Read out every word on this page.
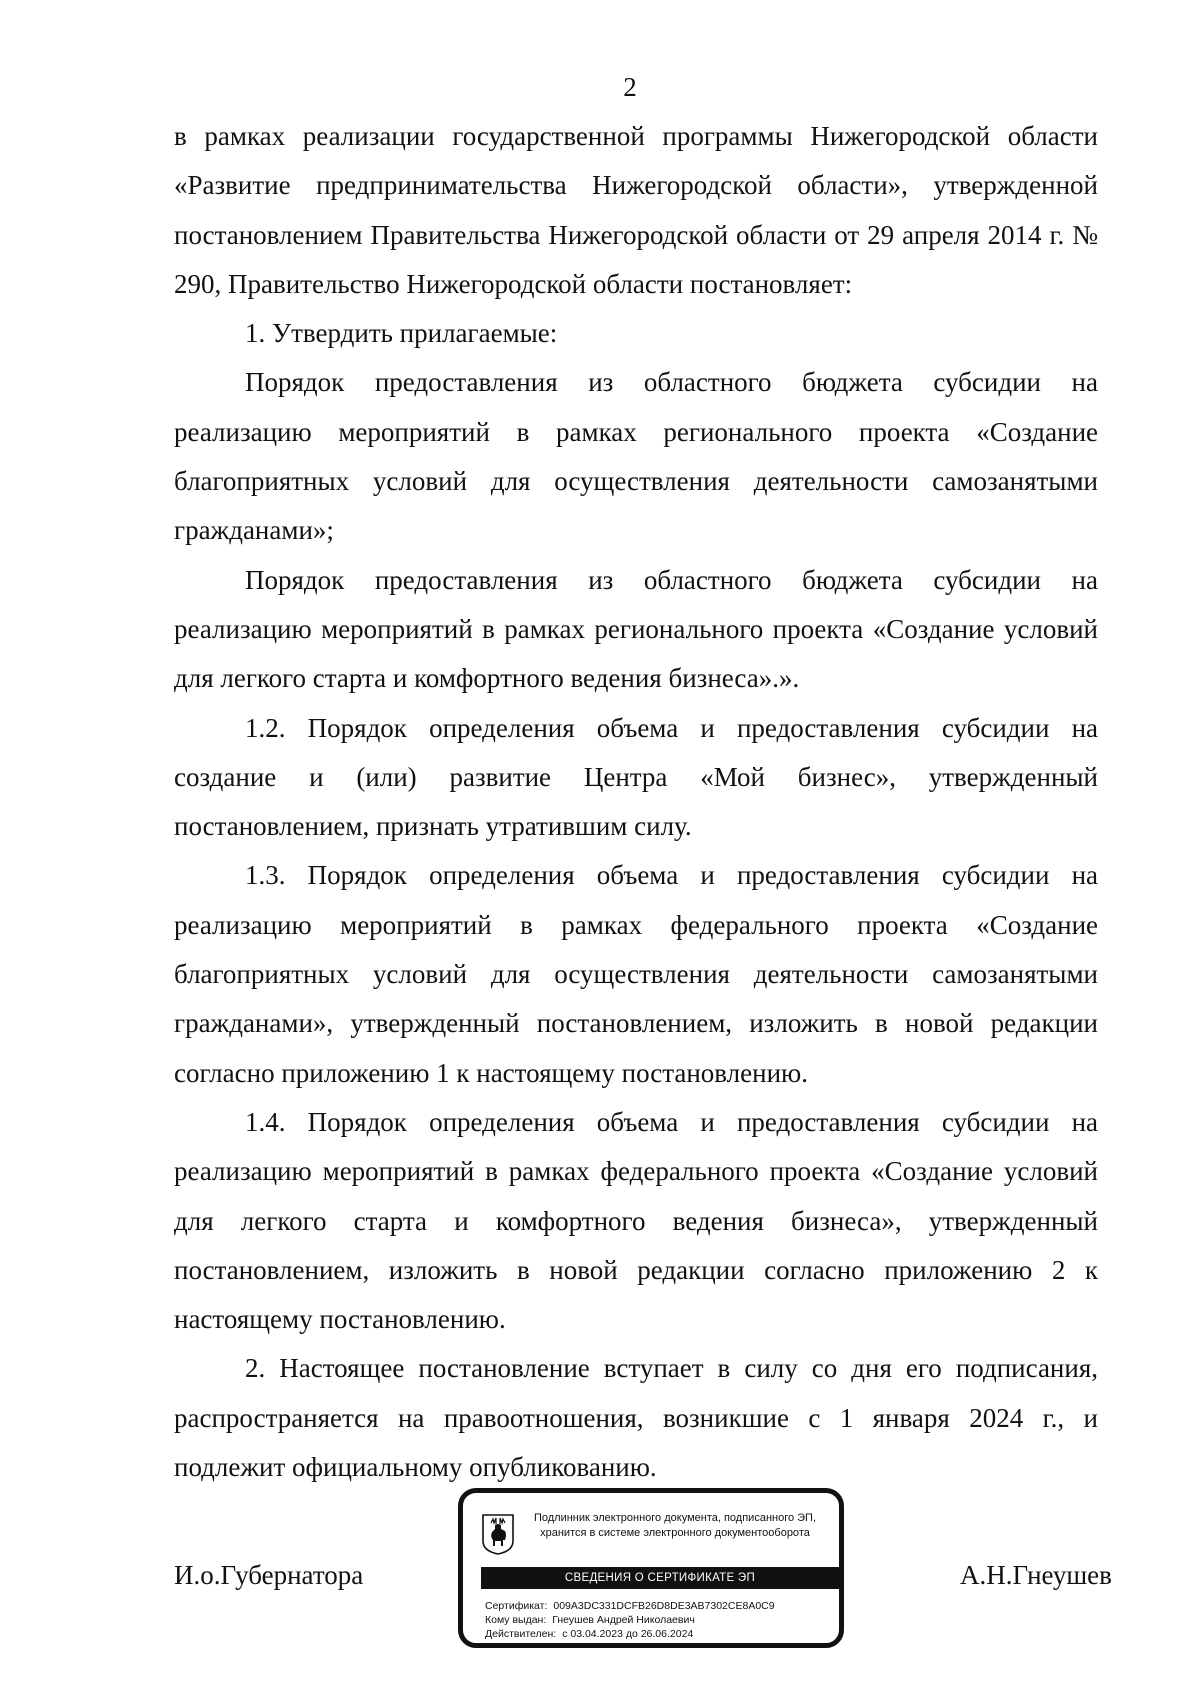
2

в рамках реализации государственной программы Нижегородской области «Развитие предпринимательства Нижегородской области», утвержденной постановлением Правительства Нижегородской области от 29 апреля 2014 г. № 290, Правительство Нижегородской области постановляет:

1. Утвердить прилагаемые:

Порядок предоставления из областного бюджета субсидии на реализацию мероприятий в рамках регионального проекта «Создание благоприятных условий для осуществления деятельности самозанятыми гражданами»;

Порядок предоставления из областного бюджета субсидии на реализацию мероприятий в рамках регионального проекта «Создание условий для легкого старта и комфортного ведения бизнеса».».

1.2. Порядок определения объема и предоставления субсидии на создание и (или) развитие Центра «Мой бизнес», утвержденный постановлением, признать утратившим силу.

1.3. Порядок определения объема и предоставления субсидии на реализацию мероприятий в рамках федерального проекта «Создание благоприятных условий для осуществления деятельности самозанятыми гражданами», утвержденный постановлением, изложить в новой редакции согласно приложению 1 к настоящему постановлению.

1.4. Порядок определения объема и предоставления субсидии на реализацию мероприятий в рамках федерального проекта «Создание условий для легкого старта и комфортного ведения бизнеса», утвержденный постановлением, изложить в новой редакции согласно приложению 2 к настоящему постановлению.

2. Настоящее постановление вступает в силу со дня его подписания, распространяется на правоотношения, возникшие с 1 января 2024 г., и подлежит официальному опубликованию.

И.о.Губернатора	А.Н.Гнеушев
Подлинник электронного документа, подписанного ЭП,
хранится в системе электронного документооборота
СВЕДЕНИЯ О СЕРТИФИКАТЕ ЭП
Сертификат: 009A3DC331DCFB26D8DE3AB7302CE8A0C9
Кому выдан: Гнеушев Андрей Николаевич
Действителен: с 03.04.2023 до 26.06.2024
